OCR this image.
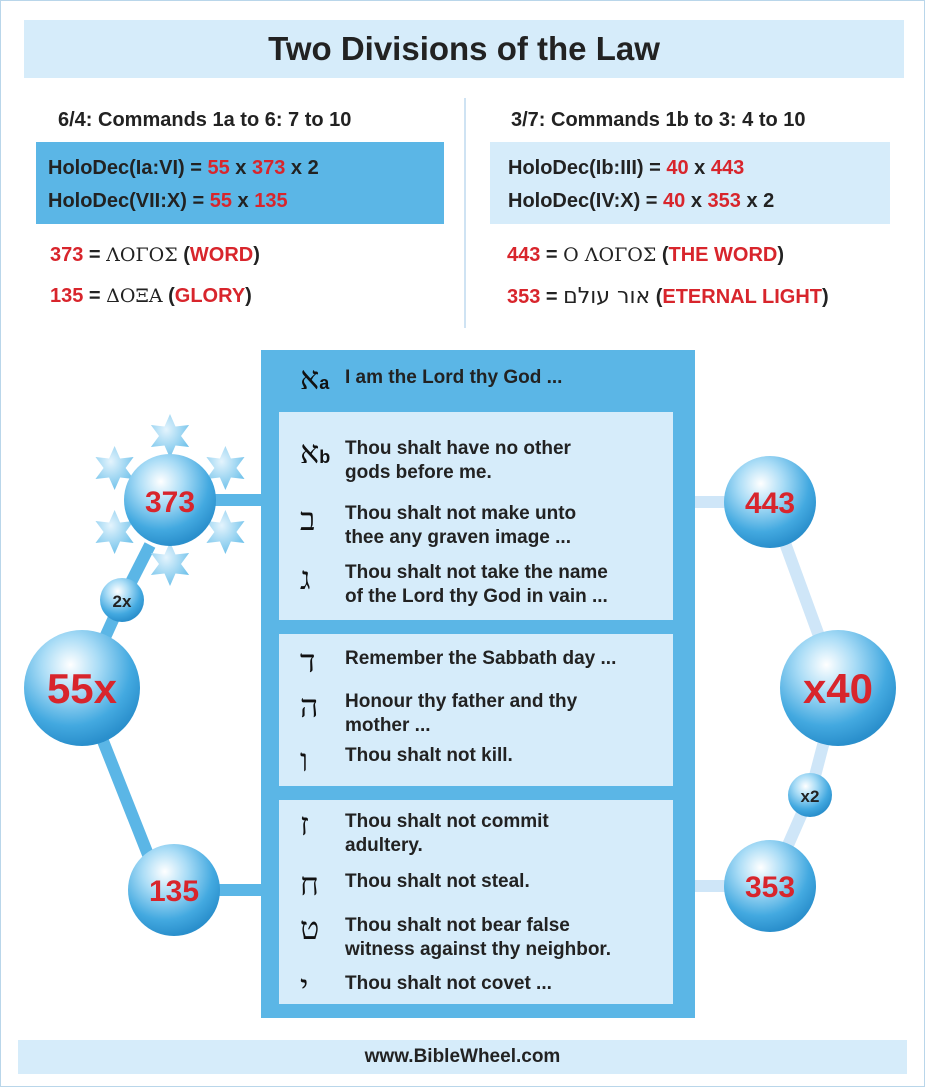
Two Divisions of the Law
6/4: Commands 1a to 6: 7 to 10
HoloDec(Ia:VI) = 55 x 373 x 2
HoloDec(VII:X) = 55 x 135
373 = ΛΟΓΟΣ (WORD)
135 = ΔΟΞΑ (GLORY)
3/7: Commands 1b to 3: 4 to 10
HoloDec(Ib:III) = 40 x 443
HoloDec(IV:X) = 40 x 353 x 2
443 = Ο ΛΟΓΟΣ (THE WORD)
353 = אור עולם (ETERNAL LIGHT)
373
2x
55x
135
443
x40
x2
353
אa I am the Lord thy God ...
אb Thou shalt have no other
gods before me.
ב Thou shalt not make unto
thee any graven image ...
ג Thou shalt not take the name
of the Lord thy God in vain ...
ד Remember the Sabbath day ...
ה Honour thy father and thy
mother ...
ו Thou shalt not kill.
ז Thou shalt not commit
adultery.
ח Thou shalt not steal.
ט Thou shalt not bear false
witness against thy neighbor.
י Thou shalt not covet ...
www.BibleWheel.com
